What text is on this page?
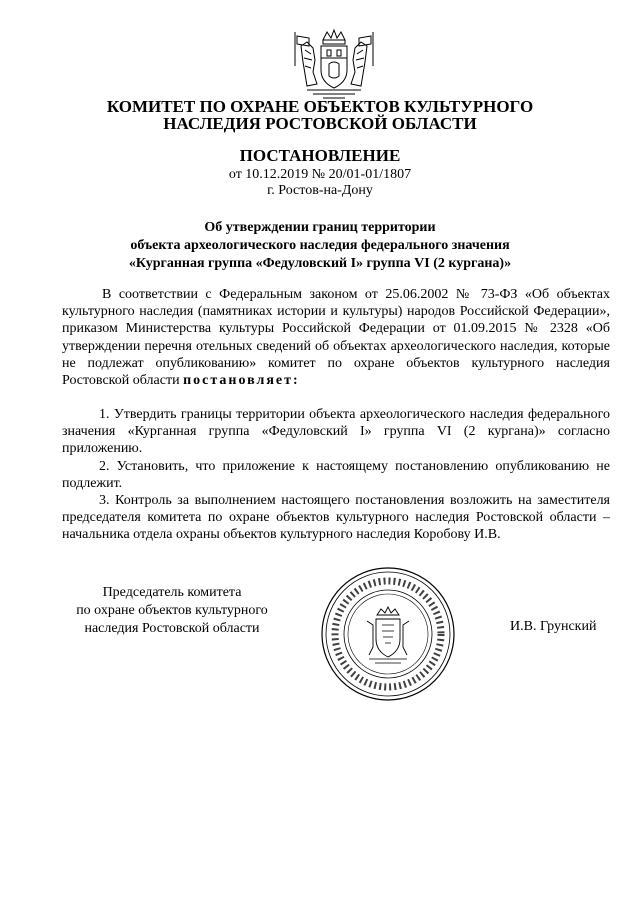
КОМИТЕТ ПО ОХРАНЕ ОБЪЕКТОВ КУЛЬТУРНОГО
НАСЛЕДИЯ РОСТОВСКОЙ ОБЛАСТИ
ПОСТАНОВЛЕНИЕ
от 10.12.2019 № 20/01-01/1807
г. Ростов-на-Дону
Об утверждении границ территории
объекта археологического наследия федерального значения
«Курганная группа «Федуловский I» группа VI (2 кургана)»
В соответствии с Федеральным законом от 25.06.2002 № 73-ФЗ «Об объектах культурного наследия (памятниках истории и культуры) народов Российской Федерации», приказом Министерства культуры Российской Федерации от 01.09.2015 № 2328 «Об утверждении перечня отельных сведений об объектах археологического наследия, которые не подлежат опубликованию» комитет по охране объектов культурного наследия Ростовской области постановляет:

1. Утвердить границы территории объекта археологического наследия федерального значения «Курганная группа «Федуловский I» группа VI (2 кургана)» согласно приложению.

2. Установить, что приложение к настоящему постановлению опубликованию не подлежит.

3. Контроль за выполнением настоящего постановления возложить на заместителя председателя комитета по охране объектов культурного наследия Ростовской области – начальника отдела охраны объектов культурного наследия Коробову И.В.

Председатель комитета
по охране объектов культурного
наследия Ростовской области	И.В. Грунский
